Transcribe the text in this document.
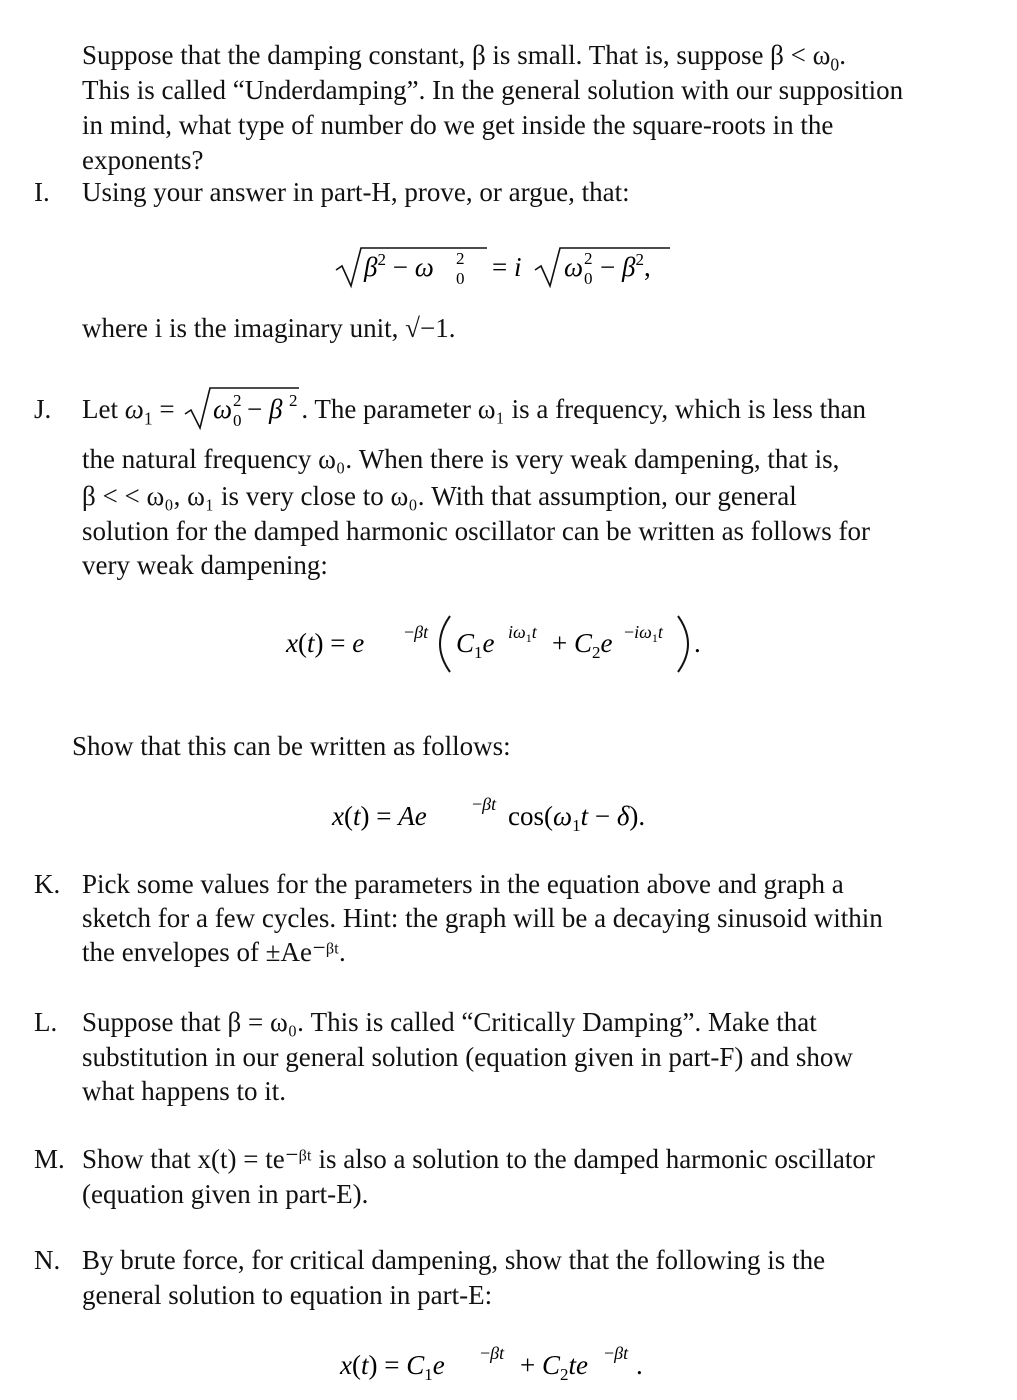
Suppose that the damping constant, β is small. That is, suppose $\beta < \omega_0$.
This is called “Underdamping”. In the general solution with our supposition
in mind, what type of number do we get inside the square-roots in the
exponents?
I. Using your answer in part-H, prove, or argue, that:
$\beta^2 - \omega$ 2
0 = i ω 2
$0 - \beta^2$,
where i is the imaginary unit, √−1.
J. Let $\omega_1 = \omega$ 2
0 − β 2 . The parameter ω₁ is a frequency, which is less than
the natural frequency ω₀. When there is very weak dampening, that is,
β < < ω₀, ω₁ is very close to ω₀. With that assumption, our general
solution for the damped harmonic oscillator can be written as follows for
very weak dampening:
x(t) = e −βt $C_1e$ $i\omega_1t + C_2e -i\omega_1t$ .
Show that this can be written as follows:
x(t) = Ae	−βt $\cos(\omega_1t - \delta)$.
K. Pick some values for the parameters in the equation above and graph a
sketch for a few cycles. Hint: the graph will be a decaying sinusoid within
the envelopes of ±Ae⁻ᵝᵗ.
L. Suppose that β = ω₀. This is called “Critically Damping”. Make that
substitution in our general solution (equation given in part-F) and show
what happens to it.
M. Show that x(t) = te⁻ᵝᵗ is also a solution to the damped harmonic oscillator
(equation given in part-E).
N. By brute force, for critical dampening, show that the following is the
general solution to equation in part-E:
$x(t) = C_1e -\beta t + C_2te -\beta t$ .
